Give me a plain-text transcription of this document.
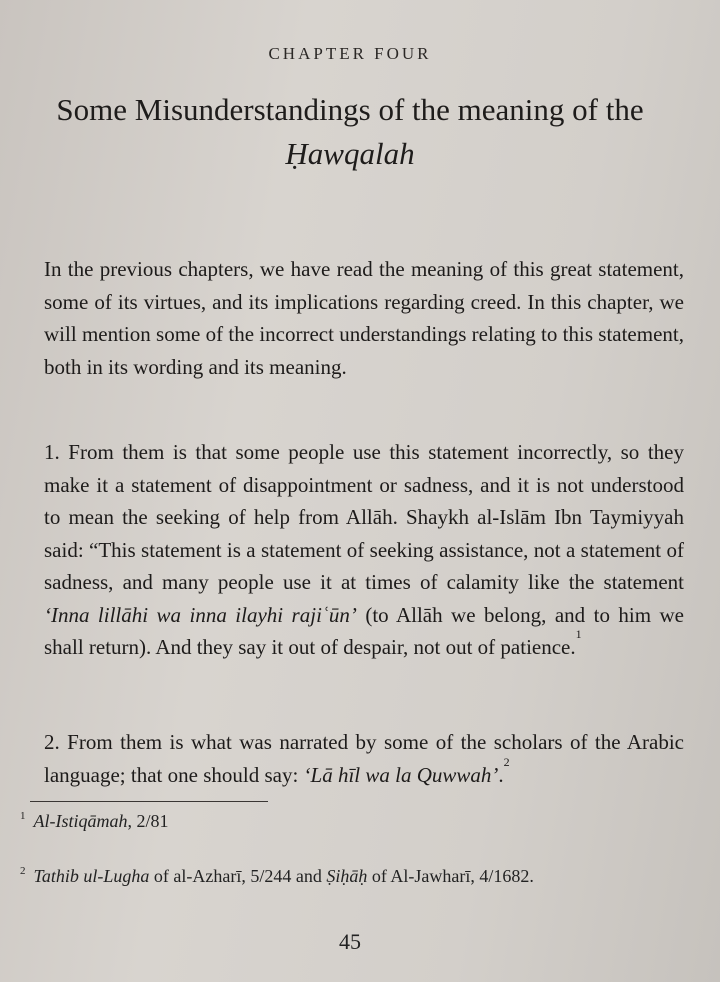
CHAPTER FOUR
Some Misunderstandings of the meaning of the Ḥawqalah
In the previous chapters, we have read the meaning of this great statement, some of its virtues, and its implications regarding creed. In this chapter, we will mention some of the incorrect understandings relating to this statement, both in its wording and its meaning.
1. From them is that some people use this statement incorrectly, so they make it a statement of disappointment or sadness, and it is not understood to mean the seeking of help from Allāh. Shaykh al-Islām Ibn Taymiyyah said: “This statement is a statement of seeking assistance, not a statement of sadness, and many people use it at times of calamity like the statement ‘Inna lillāhi wa inna ilayhi rajiʿūn’ (to Allāh we belong, and to him we shall return). And they say it out of despair, not out of patience.$^1$
2. From them is what was narrated by some of the scholars of the Arabic language; that one should say: ‘Lā hīl wa la Quwwah’.$^2$
$^1$ Al-Istiqāmah, 2/81
$^2$ Tathib ul-Lugha of al-Azharī, 5/244 and Ṣiḥāḥ of Al-Jawharī, 4/1682.
45
